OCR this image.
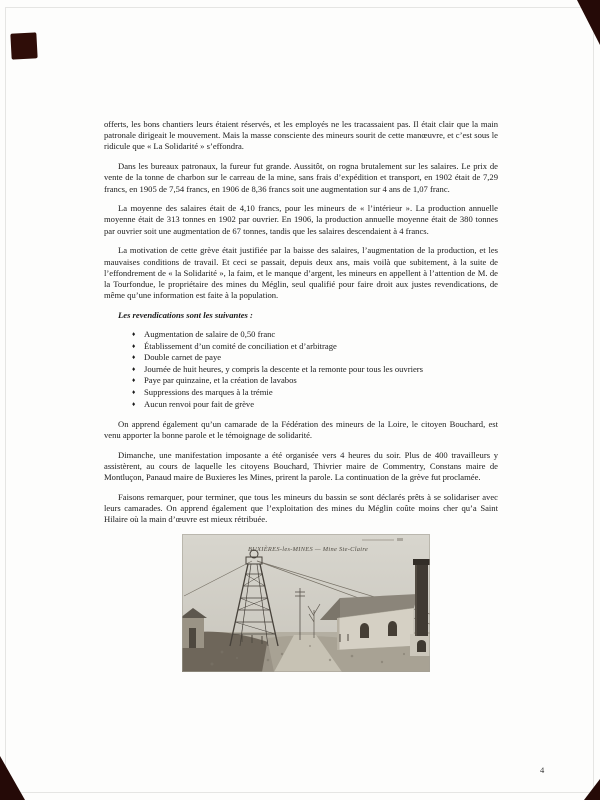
offerts, les bons chantiers leurs étaient réservés, et les employés ne les tracassaient pas. Il était clair que la main patronale dirigeait le mouvement. Mais la masse consciente des mineurs sourit de cette manœuvre, et c’est sous le ridicule que « La Solidarité » s’effondra.

Dans les bureaux patronaux, la fureur fut grande. Aussitôt, on rogna brutalement sur les salaires. Le prix de vente de la tonne de charbon sur le carreau de la mine, sans frais d’expédition et transport, en 1902 était de 7,29 francs, en 1905 de 7,54 francs, en 1906 de 8,36 francs soit une augmentation sur 4 ans de 1,07 franc.

La moyenne des salaires était de 4,10 francs, pour les mineurs de « l’intérieur ». La production annuelle moyenne était de 313 tonnes en 1902 par ouvrier. En 1906, la production annuelle moyenne était de 380 tonnes par ouvrier soit une augmentation de 67 tonnes, tandis que les salaires descendaient à 4 francs.

La motivation de cette grève était justifiée par la baisse des salaires, l’augmentation de la production, et les mauvaises conditions de travail. Et ceci se passait, depuis deux ans, mais voilà que subitement, à la suite de l’effondrement de « la Solidarité », la faim, et le manque d’argent, les mineurs en appellent à l’attention de M. de la Tourfondue, le propriétaire des mines du Méglin, seul qualifié pour faire droit aux justes revendications, de même qu’une information est faite à la population.

Les revendications sont les suivantes :

♦ Augmentation de salaire de 0,50 franc
♦ Établissement d’un comité de conciliation et d’arbitrage
♦ Double carnet de paye
♦ Journée de huit heures, y compris la descente et la remonte pour tous les ouvriers
♦ Paye par quinzaine, et la création de lavabos
♦ Suppressions des marques à la trémie
♦ Aucun renvoi pour fait de grève

On apprend également qu’un camarade de la Fédération des mineurs de la Loire, le citoyen Bouchard, est venu apporter la bonne parole et le témoignage de solidarité.

Dimanche, une manifestation imposante a été organisée vers 4 heures du soir. Plus de 400 travailleurs y assistèrent, au cours de laquelle les citoyens Bouchard, Thivrier maire de Commentry, Constans maire de Montluçon, Panaud maire de Buxieres les Mines, prirent la parole. La continuation de la grève fut proclamée.

Faisons remarquer, pour terminer, que tous les mineurs du bassin se sont déclarés prêts à se solidariser avec leurs camarades. On apprend également que l’exploitation des mines du Méglin coûte moins cher qu’a Saint Hilaire où la main d’œuvre est mieux rétribuée.

BUXIÈRES-les-MINES — Mine Ste-Claire
4
